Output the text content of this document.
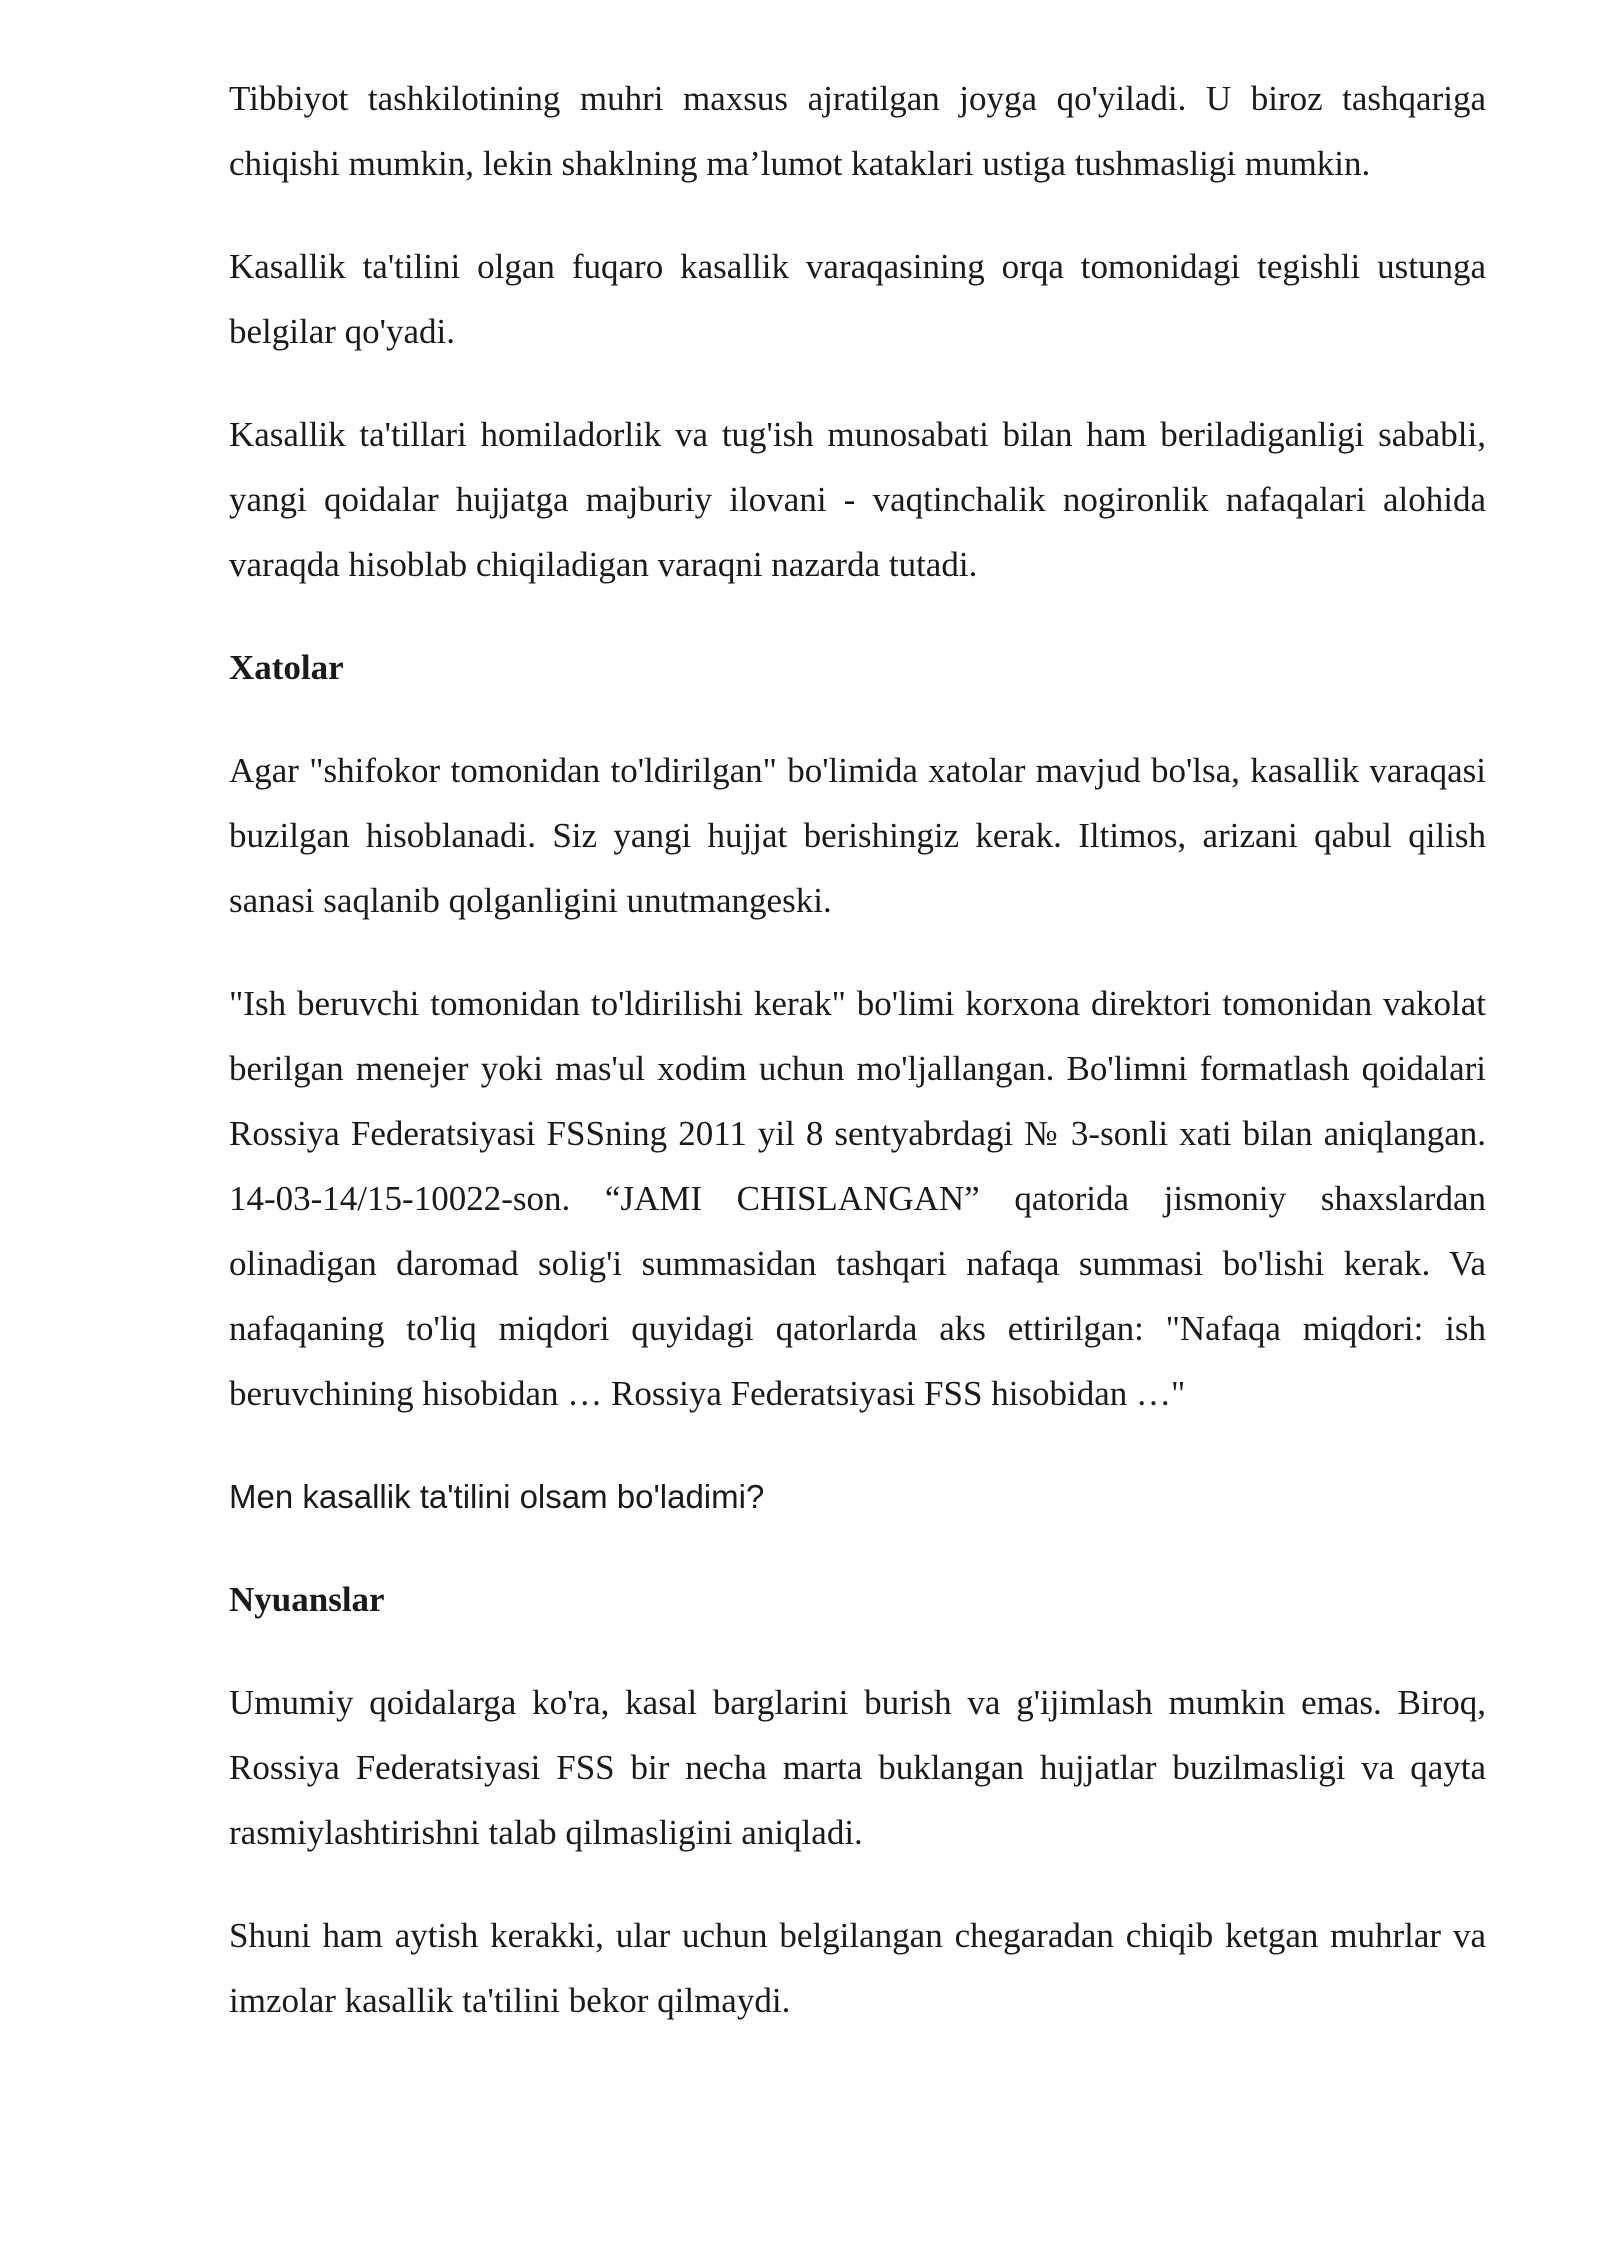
Tibbiyot tashkilotining muhri maxsus ajratilgan joyga qo'yiladi. U biroz tashqariga chiqishi mumkin, lekin shaklning ma’lumot kataklari ustiga tushmasligi mumkin.

Kasallik ta'tilini olgan fuqaro kasallik varaqasining orqa tomonidagi tegishli ustunga belgilar qo'yadi.

Kasallik ta'tillari homiladorlik va tug'ish munosabati bilan ham beriladiganligi sababli, yangi qoidalar hujjatga majburiy ilovani - vaqtinchalik nogironlik nafaqalari alohida varaqda hisoblab chiqiladigan varaqni nazarda tutadi.

Xatolar

Agar "shifokor tomonidan to'ldirilgan" bo'limida xatolar mavjud bo'lsa, kasallik varaqasi buzilgan hisoblanadi. Siz yangi hujjat berishingiz kerak. Iltimos, arizani qabul qilish sanasi saqlanib qolganligini unutmangeski.

"Ish beruvchi tomonidan to'ldirilishi kerak" bo'limi korxona direktori tomonidan vakolat berilgan menejer yoki mas'ul xodim uchun mo'ljallangan. Bo'limni formatlash qoidalari Rossiya Federatsiyasi FSSning 2011 yil 8 sentyabrdagi № 3-sonli xati bilan aniqlangan. 14-03-14/15-10022-son. “JAMI CHISLANGAN” qatorida jismoniy shaxslardan olinadigan daromad solig'i summasidan tashqari nafaqa summasi bo'lishi kerak. Va nafaqaning to'liq miqdori quyidagi qatorlarda aks ettirilgan: "Nafaqa miqdori: ish beruvchining hisobidan … Rossiya Federatsiyasi FSS hisobidan …"

Men kasallik ta'tilini olsam bo'ladimi?

Nyuanslar

Umumiy qoidalarga ko'ra, kasal barglarini burish va g'ijimlash mumkin emas. Biroq, Rossiya Federatsiyasi FSS bir necha marta buklangan hujjatlar buzilmasligi va qayta rasmiylashtirishni talab qilmasligini aniqladi.

Shuni ham aytish kerakki, ular uchun belgilangan chegaradan chiqib ketgan muhrlar va imzolar kasallik ta'tilini bekor qilmaydi.
